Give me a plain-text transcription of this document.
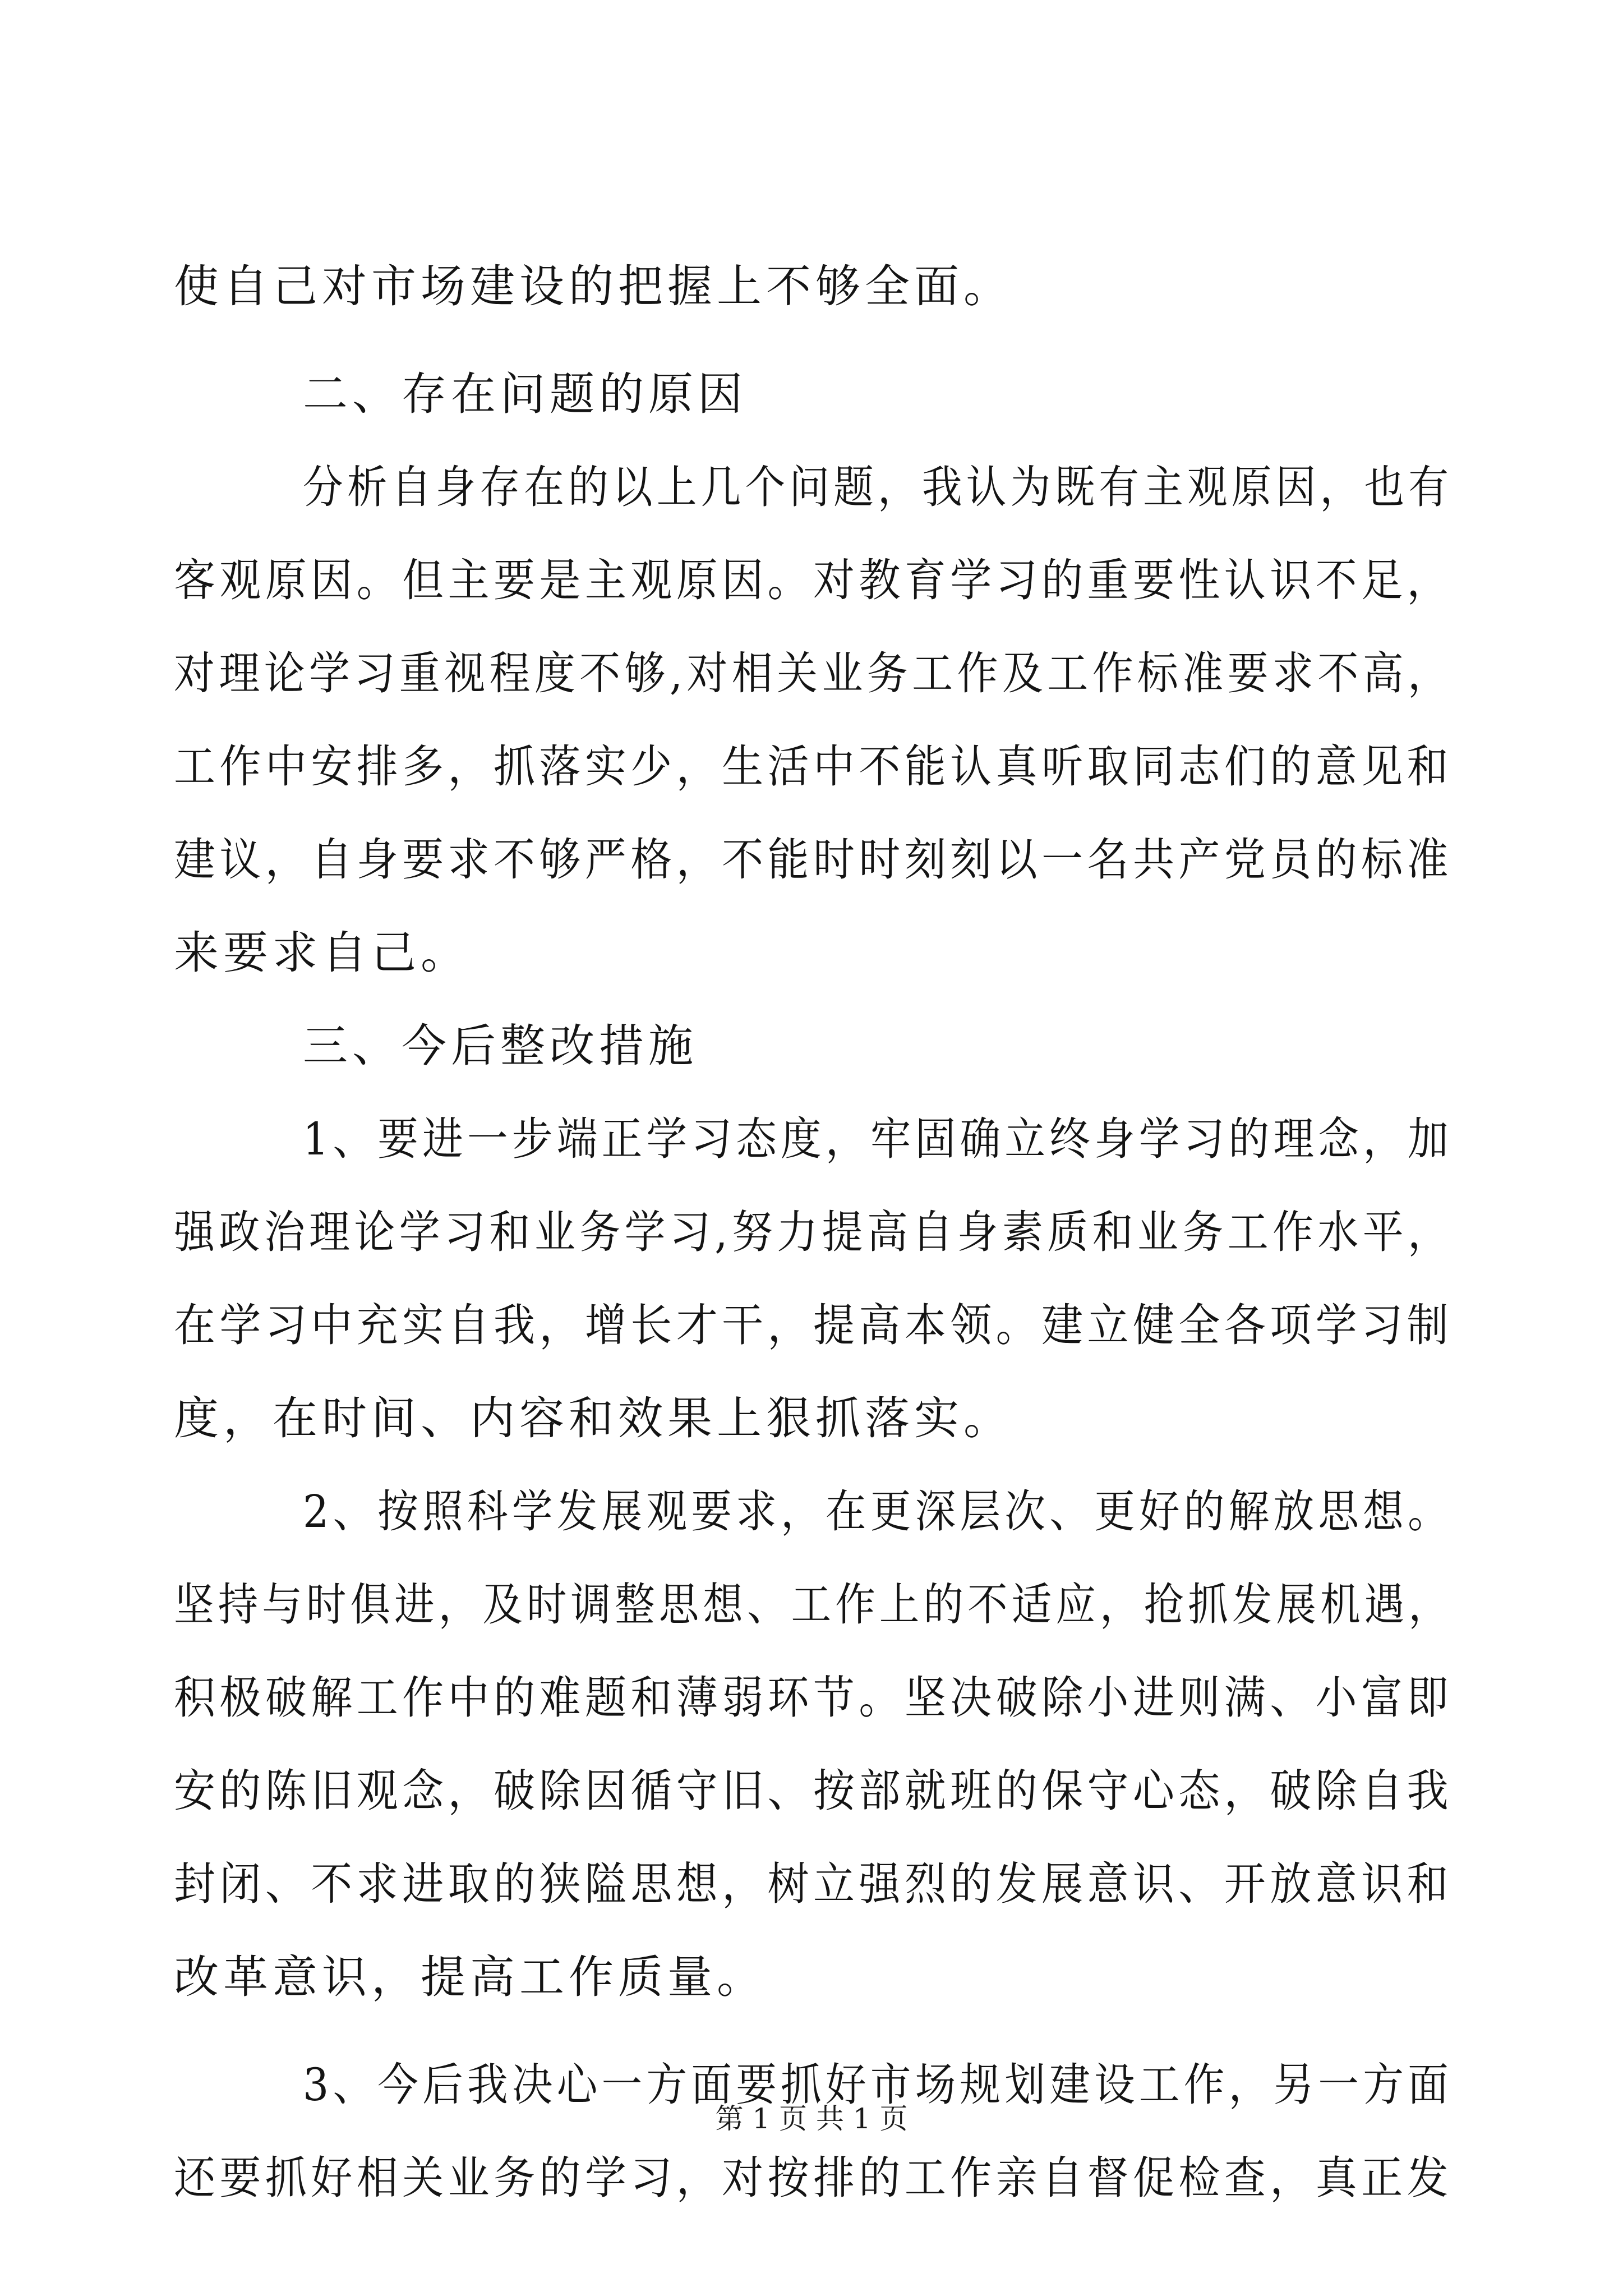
使自己对市场建设的把握上不够全面。
二、存在问题的原因
分析自身存在的以上几个问题，我认为既有主观原因，也有
客观原因。但主要是主观原因。对教育学习的重要性认识不足，
对理论学习重视程度不够,对相关业务工作及工作标准要求不高，
工作中安排多，抓落实少，生活中不能认真听取同志们的意见和
建议，自身要求不够严格，不能时时刻刻以一名共产党员的标准
来要求自己。
三、今后整改措施
1、要进一步端正学习态度，牢固确立终身学习的理念，加
强政治理论学习和业务学习,努力提高自身素质和业务工作水平，
在学习中充实自我，增长才干，提高本领。建立健全各项学习制
度，在时间、内容和效果上狠抓落实。
2、按照科学发展观要求，在更深层次、更好的解放思想。
坚持与时俱进，及时调整思想、工作上的不适应，抢抓发展机遇，
积极破解工作中的难题和薄弱环节。坚决破除小进则满、小富即
安的陈旧观念，破除因循守旧、按部就班的保守心态，破除自我
封闭、不求进取的狭隘思想，树立强烈的发展意识、开放意识和
改革意识，提高工作质量。
3、今后我决心一方面要抓好市场规划建设工作，另一方面
还要抓好相关业务的学习，对按排的工作亲自督促检查，真正发
第 1 页 共 1 页
